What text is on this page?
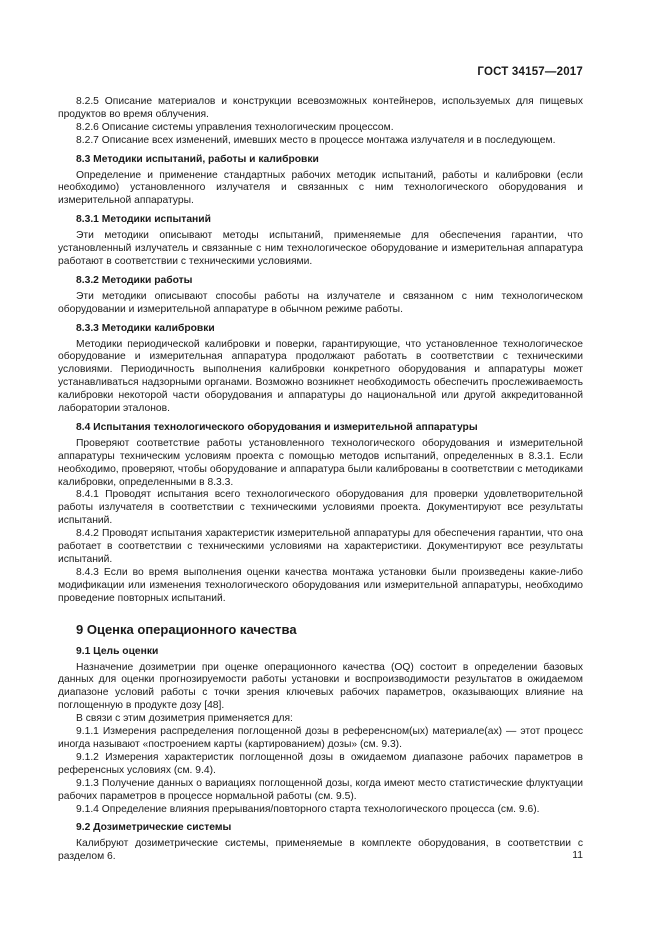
ГОСТ 34157—2017

8.2.5 Описание материалов и конструкции всевозможных контейнеров, используемых для пищевых продуктов во время облучения.

8.2.6 Описание системы управления технологическим процессом.

8.2.7 Описание всех изменений, имевших место в процессе монтажа излучателя и в последующем.

8.3 Методики испытаний, работы и калибровки

Определение и применение стандартных рабочих методик испытаний, работы и калибровки (если необходимо) установленного излучателя и связанных с ним технологического оборудования и измерительной аппаратуры.

8.3.1 Методики испытаний

Эти методики описывают методы испытаний, применяемые для обеспечения гарантии, что установленный излучатель и связанные с ним технологическое оборудование и измерительная аппаратура работают в соответствии с техническими условиями.

8.3.2 Методики работы

Эти методики описывают способы работы на излучателе и связанном с ним технологическом оборудовании и измерительной аппаратуре в обычном режиме работы.

8.3.3 Методики калибровки

Методики периодической калибровки и поверки, гарантирующие, что установленное технологическое оборудование и измерительная аппаратура продолжают работать в соответствии с техническими условиями. Периодичность выполнения калибровки конкретного оборудования и аппаратуры может устанавливаться надзорными органами. Возможно возникнет необходимость обеспечить прослеживаемость калибровки некоторой части оборудования и аппаратуры до национальной или другой аккредитованной лаборатории эталонов.

8.4 Испытания технологического оборудования и измерительной аппаратуры

Проверяют соответствие работы установленного технологического оборудования и измерительной аппаратуры техническим условиям проекта с помощью методов испытаний, определенных в 8.3.1. Если необходимо, проверяют, чтобы оборудование и аппаратура были калиброваны в соответствии с методиками калибровки, определенными в 8.3.3.

8.4.1 Проводят испытания всего технологического оборудования для проверки удовлетворительной работы излучателя в соответствии с техническими условиями проекта. Документируют все результаты испытаний.

8.4.2 Проводят испытания характеристик измерительной аппаратуры для обеспечения гарантии, что она работает в соответствии с техническими условиями на характеристики. Документируют все результаты испытаний.

8.4.3 Если во время выполнения оценки качества монтажа установки были произведены какие-либо модификации или изменения технологического оборудования или измерительной аппаратуры, необходимо проведение повторных испытаний.

9 Оценка операционного качества

9.1 Цель оценки

Назначение дозиметрии при оценке операционного качества (OQ) состоит в определении базовых данных для оценки прогнозируемости работы установки и воспроизводимости результатов в ожидаемом диапазоне условий работы с точки зрения ключевых рабочих параметров, оказывающих влияние на поглощенную в продукте дозу [48].

В связи с этим дозиметрия применяется для:

9.1.1 Измерения распределения поглощенной дозы в референсном(ых) материале(ах) — этот процесс иногда называют «построением карты (картированием) дозы» (см. 9.3).

9.1.2 Измерения характеристик поглощенной дозы в ожидаемом диапазоне рабочих параметров в референсных условиях (см. 9.4).

9.1.3 Получение данных о вариациях поглощенной дозы, когда имеют место статистические флуктуации рабочих параметров в процессе нормальной работы (см. 9.5).

9.1.4 Определение влияния прерывания/повторного старта технологического процесса (см. 9.6).

9.2 Дозиметрические системы

Калибруют дозиметрические системы, применяемые в комплекте оборудования, в соответствии с разделом 6.	11
